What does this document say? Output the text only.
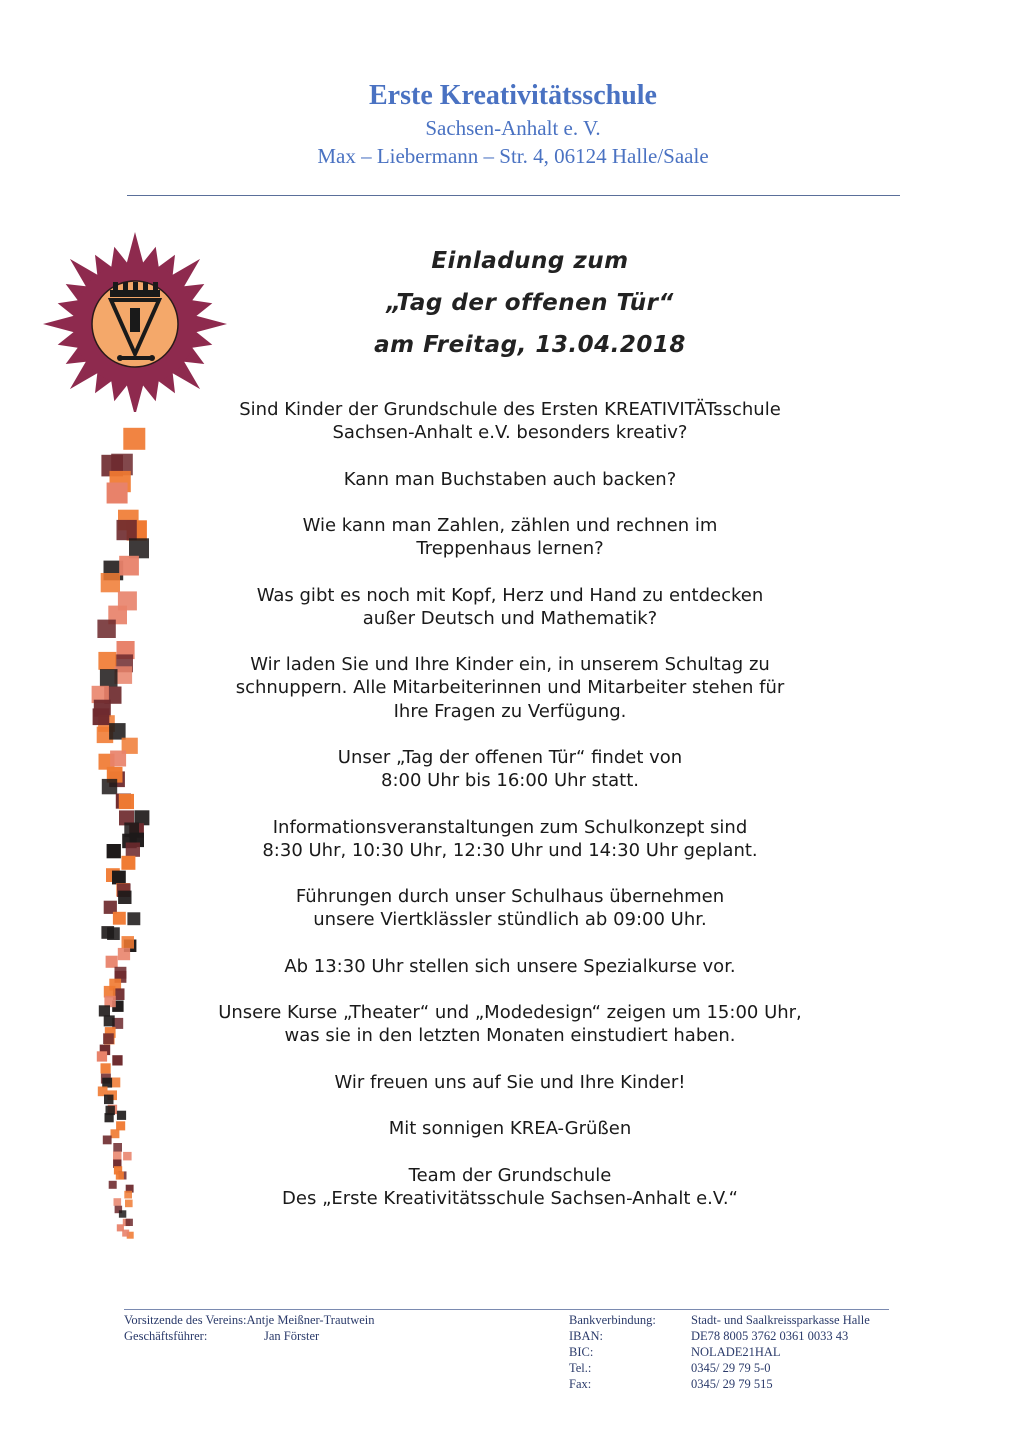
Erste Kreativitätsschule
Sachsen-Anhalt e. V.
Max – Liebermann – Str. 4, 06124 Halle/Saale
Einladung zum
„Tag der offenen Tür“
am Freitag, 13.04.2018

Sind Kinder der Grundschule des Ersten KREATIVITÄTsschule
Sachsen-Anhalt e.V. besonders kreativ?

Kann man Buchstaben auch backen?

Wie kann man Zahlen, zählen und rechnen im
Treppenhaus lernen?

Was gibt es noch mit Kopf, Herz und Hand zu entdecken
außer Deutsch und Mathematik?

Wir laden Sie und Ihre Kinder ein, in unserem Schultag zu
schnuppern. Alle Mitarbeiterinnen und Mitarbeiter stehen für
Ihre Fragen zu Verfügung.

Unser „Tag der offenen Tür“ findet von
8:00 Uhr bis 16:00 Uhr statt.

Informationsveranstaltungen zum Schulkonzept sind
8:30 Uhr, 10:30 Uhr, 12:30 Uhr und 14:30 Uhr geplant.

Führungen durch unser Schulhaus übernehmen
unsere Viertklässler stündlich ab 09:00 Uhr.

Ab 13:30 Uhr stellen sich unsere Spezialkurse vor.

Unsere Kurse „Theater“ und „Modedesign“ zeigen um 15:00 Uhr,
was sie in den letzten Monaten einstudiert haben.

Wir freuen uns auf Sie und Ihre Kinder!

Mit sonnigen KREA-Grüßen

Team der Grundschule
Des „Erste Kreativitätsschule Sachsen-Anhalt e.V.“

Vorsitzende des Vereins: Antje Meißner-Trautwein
Geschäftsführer:	Jan Förster
Bankverbindung:
IBAN:
BIC:
Tel.:
Fax:
Stadt- und Saalkreissparkasse Halle
DE78 8005 3762 0361 0033 43
NOLADE21HAL
0345/ 29 79 5-0
0345/ 29 79 515
